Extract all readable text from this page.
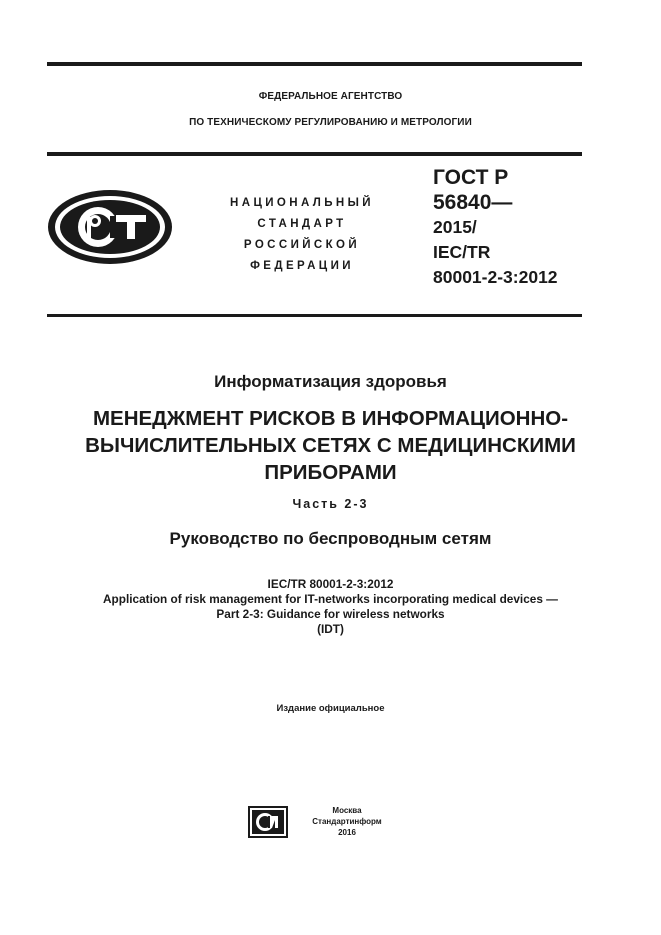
ФЕДЕРАЛЬНОЕ АГЕНТСТВО
ПО ТЕХНИЧЕСКОМУ РЕГУЛИРОВАНИЮ И МЕТРОЛОГИИ
НАЦИОНАЛЬНЫЙ
СТАНДАРТ
РОССИЙСКОЙ
ФЕДЕРАЦИИ
ГОСТ Р
56840—
2015/
IEC/TR
80001-2-3:2012
Информатизация здоровья
МЕНЕДЖМЕНТ РИСКОВ В ИНФОРМАЦИОННО-
ВЫЧИСЛИТЕЛЬНЫХ СЕТЯХ С МЕДИЦИНСКИМИ
ПРИБОРАМИ
Часть 2-3
Руководство по беспроводным сетям
IEC/TR 80001-2-3:2012
Application of risk management for IT-networks incorporating medical devices —
Part 2-3: Guidance for wireless networks
(IDT)
Издание официальное
Москва
Стандартинформ
2016
